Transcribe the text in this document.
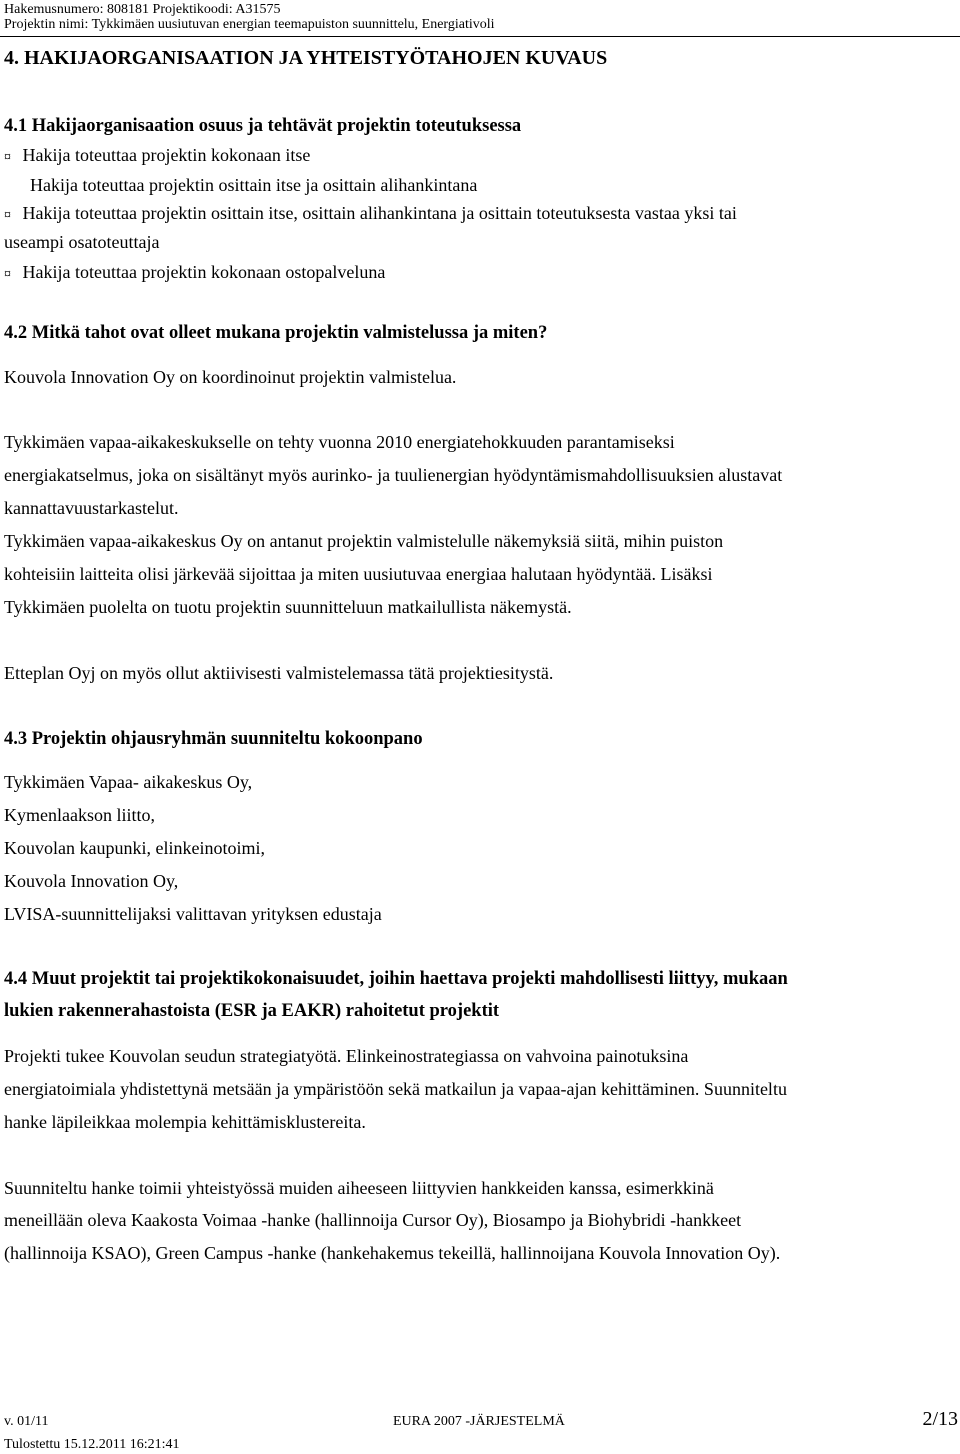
Hakemusnumero: 808181 Projektikoodi: A31575
Projektin nimi: Tykkimäen uusiutuvan energian teemapuiston suunnittelu, Energiativoli
4. HAKIJAORGANISAATION JA YHTEISTYÖTAHOJEN KUVAUS
4.1 Hakijaorganisaation osuus ja tehtävät projektin toteutuksessa
¤ Hakija toteuttaa projektin kokonaan itse
Hakija toteuttaa projektin osittain itse ja osittain alihankintana
¤ Hakija toteuttaa projektin osittain itse, osittain alihankintana ja osittain toteutuksesta vastaa yksi tai
useampi osatoteuttaja
¤ Hakija toteuttaa projektin kokonaan ostopalveluna
4.2 Mitkä tahot ovat olleet mukana projektin valmistelussa ja miten?
Kouvola Innovation Oy on koordinoinut projektin valmistelua.
Tykkimäen vapaa-aikakeskukselle on tehty vuonna 2010 energiatehokkuuden parantamiseksi
energiakatselmus, joka on sisältänyt myös aurinko- ja tuulienergian hyödyntämismahdollisuuksien alustavat
kannattavuustarkastelut.
Tykkimäen vapaa-aikakeskus Oy on antanut projektin valmistelulle näkemyksiä siitä, mihin puiston
kohteisiin laitteita olisi järkevää sijoittaa ja miten uusiutuvaa energiaa halutaan hyödyntää. Lisäksi
Tykkimäen puolelta on tuotu projektin suunnitteluun matkailullista näkemystä.
Etteplan Oyj on myös ollut aktiivisesti valmistelemassa tätä projektiesitystä.
4.3 Projektin ohjausryhmän suunniteltu kokoonpano
Tykkimäen Vapaa- aikakeskus Oy,
Kymenlaakson liitto,
Kouvolan kaupunki, elinkeinotoimi,
Kouvola Innovation Oy,
LVISA-suunnittelijaksi valittavan yrityksen edustaja
4.4 Muut projektit tai projektikokonaisuudet, joihin haettava projekti mahdollisesti liittyy, mukaan
lukien rakennerahastoista (ESR ja EAKR) rahoitetut projektit
Projekti tukee Kouvolan seudun strategiatyötä. Elinkeinostrategiassa on vahvoina painotuksina
energiatoimiala yhdistettynä metsään ja ympäristöön sekä matkailun ja vapaa-ajan kehittäminen. Suunniteltu
hanke läpileikkaa molempia kehittämisklustereita.
Suunniteltu hanke toimii yhteistyössä muiden aiheeseen liittyvien hankkeiden kanssa, esimerkkinä
meneillään oleva Kaakosta Voimaa -hanke (hallinnoija Cursor Oy), Biosampo ja Biohybridi -hankkeet
(hallinnoija KSAO), Green Campus -hanke (hankehakemus tekeillä, hallinnoijana Kouvola Innovation Oy).
v. 01/11	EURA 2007 -JÄRJESTELMÄ	2/13
Tulostettu 15.12.2011 16:21:41
